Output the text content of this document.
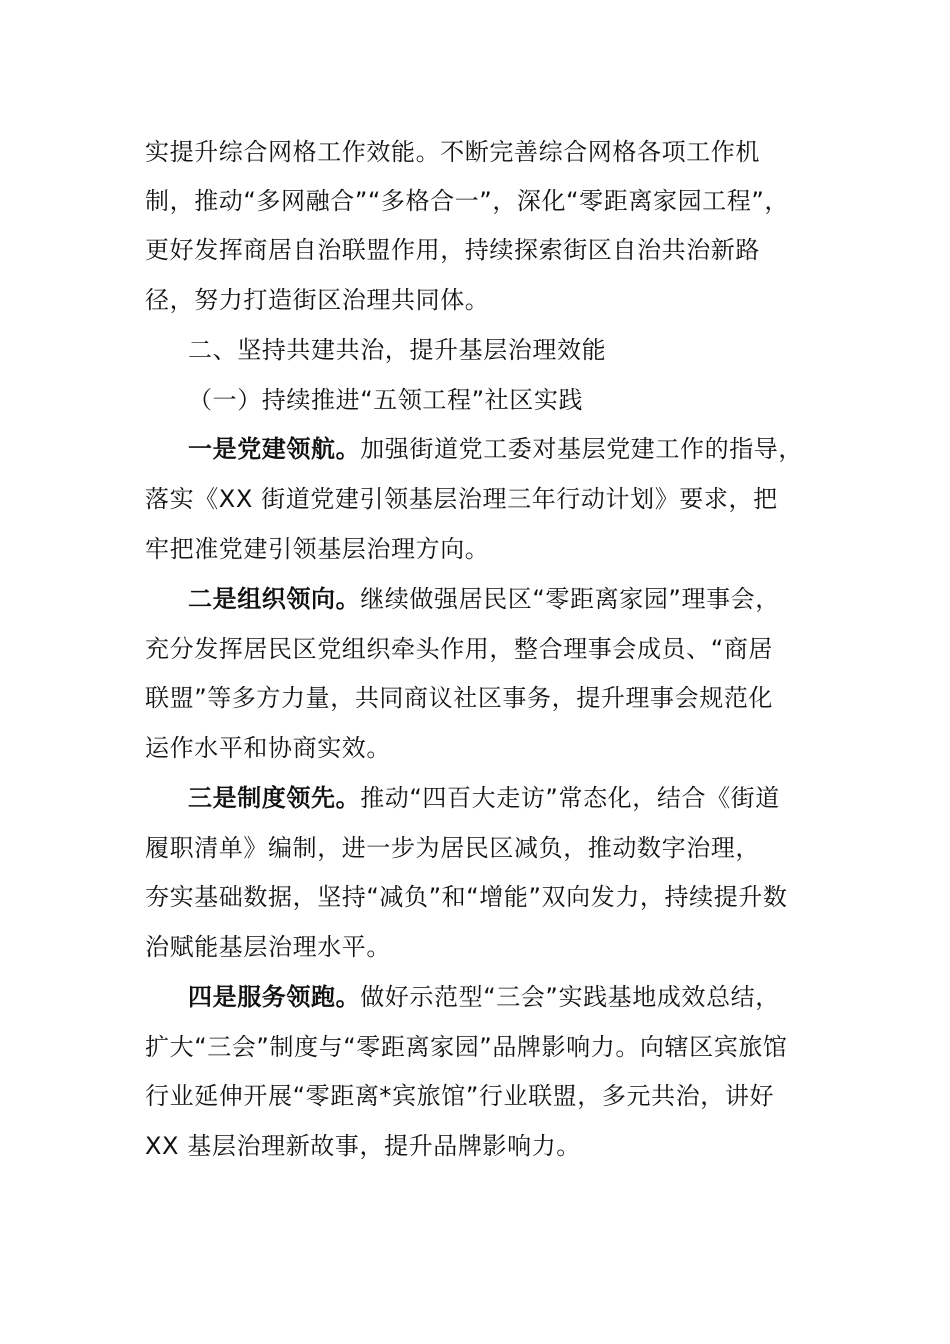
实提升综合网格工作效能。不断完善综合网格各项工作机
制，推动“多网融合”“多格合一”，深化“零距离家园工程”，
更好发挥商居自治联盟作用，持续探索街区自治共治新路
径，努力打造街区治理共同体。
二、坚持共建共治，提升基层治理效能
（一）持续推进“五领工程”社区实践
一是党建领航。加强街道党工委对基层党建工作的指导，
落实《XX 街道党建引领基层治理三年行动计划》要求，把
牢把准党建引领基层治理方向。
二是组织领向。继续做强居民区“零距离家园”理事会，
充分发挥居民区党组织牵头作用，整合理事会成员、“商居
联盟”等多方力量，共同商议社区事务，提升理事会规范化
运作水平和协商实效。
三是制度领先。推动“四百大走访”常态化，结合《街道
履职清单》编制，进一步为居民区减负，推动数字治理，
夯实基础数据，坚持“减负”和“增能”双向发力，持续提升数
治赋能基层治理水平。
四是服务领跑。做好示范型“三会”实践基地成效总结，
扩大“三会”制度与“零距离家园”品牌影响力。向辖区宾旅馆
行业延伸开展“零距离*宾旅馆”行业联盟，多元共治，讲好
XX 基层治理新故事，提升品牌影响力。
